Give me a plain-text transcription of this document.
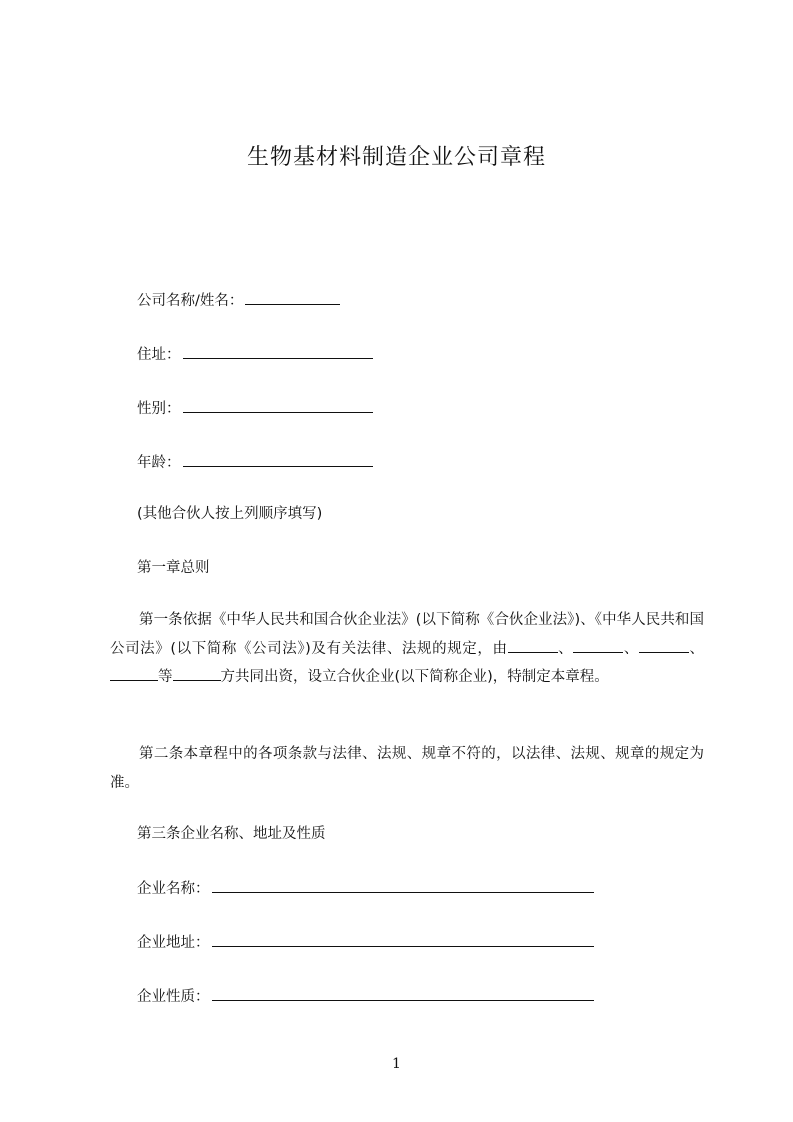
生物基材料制造企业公司章程
公司名称/姓名：
住址：
性别：
年龄：
(其他合伙人按上列顺序填写)
第一章总则
第一条依据《中华人民共和国合伙企业法》(以下简称《合伙企业法》)、《中华人民共和国公司法》(以下简称《公司法》)及有关法律、法规的规定，由	、	、	、等	方共同出资，设立合伙企业(以下简称企业)，特制定本章程。
第二条本章程中的各项条款与法律、法规、规章不符的，以法律、法规、规章的规定为准。
第三条企业名称、地址及性质
企业名称：
企业地址：
企业性质：
1
